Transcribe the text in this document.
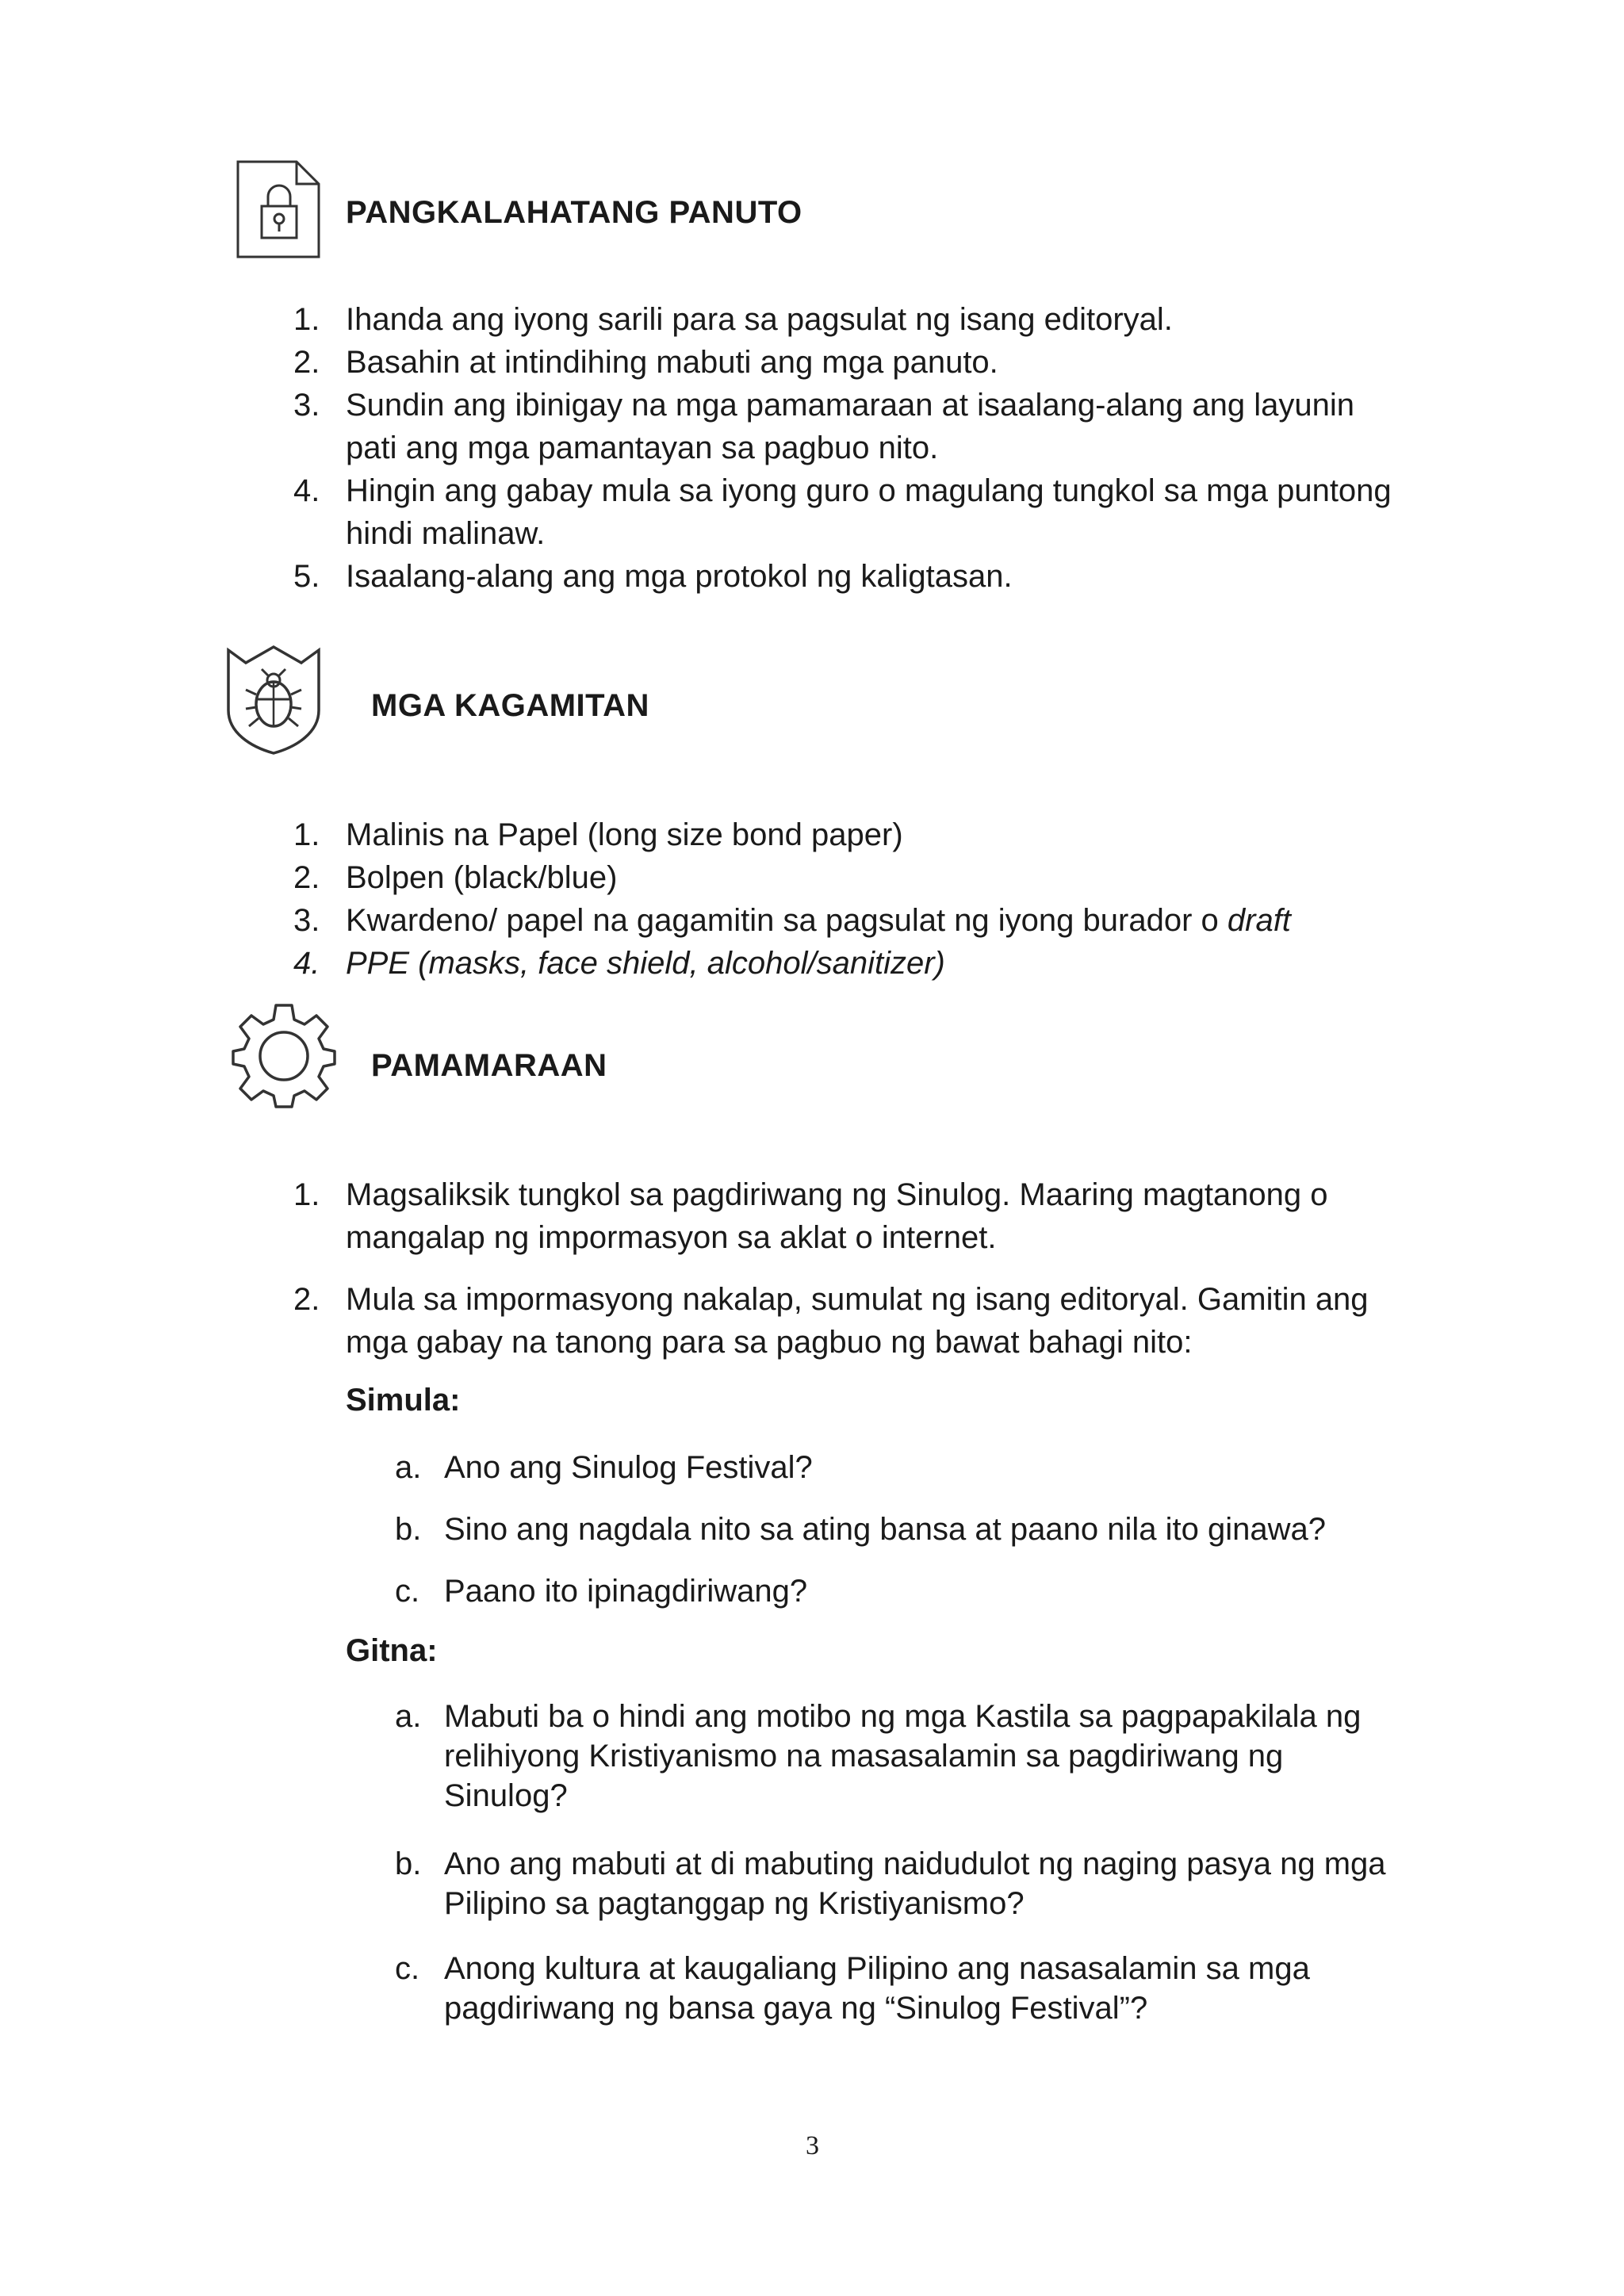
PANGKALAHATANG PANUTO
1. Ihanda ang iyong sarili para sa pagsulat ng isang editoryal.
2. Basahin at intindihing mabuti ang mga panuto.
3. Sundin ang ibinigay na mga pamamaraan at isaalang-alang ang layunin
pati ang mga pamantayan sa pagbuo nito.
4. Hingin ang gabay mula sa iyong guro o magulang tungkol sa mga puntong
hindi malinaw.
5. Isaalang-alang ang mga protokol ng kaligtasan.
MGA KAGAMITAN
1. Malinis na Papel (long size bond paper)
2. Bolpen (black/blue)
3. Kwardeno/ papel na gagamitin sa pagsulat ng iyong burador o draft
4. PPE (masks, face shield, alcohol/sanitizer)
PAMAMARAAN
1. Magsaliksik tungkol sa pagdiriwang ng Sinulog. Maaring magtanong o
mangalap ng impormasyon sa aklat o internet.
2. Mula sa impormasyong nakalap, sumulat ng isang editoryal. Gamitin ang
mga gabay na tanong para sa pagbuo ng bawat bahagi nito:
Simula:
a. Ano ang Sinulog Festival?
b. Sino ang nagdala nito sa ating bansa at paano nila ito ginawa?
c. Paano ito ipinagdiriwang?
Gitna:
a. Mabuti ba o hindi ang motibo ng mga Kastila sa pagpapakilala ng
relihiyong Kristiyanismo na masasalamin sa pagdiriwang ng
Sinulog?
b. Ano ang mabuti at di mabuting naidudulot ng naging pasya ng mga
Pilipino sa pagtanggap ng Kristiyanismo?
c. Anong kultura at kaugaliang Pilipino ang nasasalamin sa mga
pagdiriwang ng bansa gaya ng “Sinulog Festival”?
3
